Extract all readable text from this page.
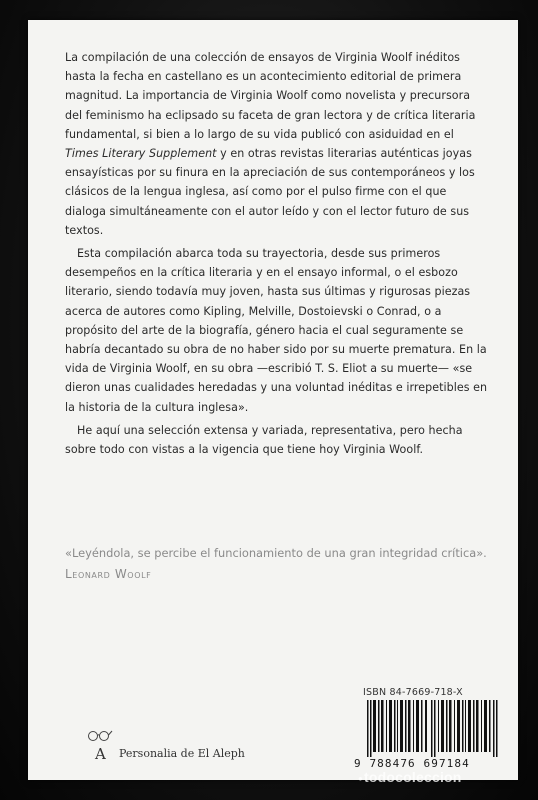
La compilación de una colección de ensayos de Virginia Woolf inéditos hasta la fecha en castellano es un acontecimiento editorial de primera magnitud. La importancia de Virginia Woolf como novelista y precursora del feminismo ha eclipsado su faceta de gran lectora y de crítica literaria fundamental, si bien a lo largo de su vida publicó con asiduidad en el Times Literary Supplement y en otras revistas literarias auténticas joyas ensayísticas por su finura en la apreciación de sus contemporáneos y los clásicos de la lengua inglesa, así como por el pulso firme con el que dialoga simultáneamente con el autor leído y con el lector futuro de sus textos.

Esta compilación abarca toda su trayectoria, desde sus primeros desempeños en la crítica literaria y en el ensayo informal, o el esbozo literario, siendo todavía muy joven, hasta sus últimas y rigurosas piezas acerca de autores como Kipling, Melville, Dostoievski o Conrad, o a propósito del arte de la biografía, género hacia el cual seguramente se habría decantado su obra de no haber sido por su muerte prematura. En la vida de Virginia Woolf, en su obra —escribió T. S. Eliot a su muerte— «se dieron unas cualidades heredadas y una voluntad inéditas e irrepetibles en la historia de la cultura inglesa».

He aquí una selección extensa y variada, representativa, pero hecha sobre todo con vistas a la vigencia que tiene hoy Virginia Woolf.

«Leyéndola, se percibe el funcionamiento de una gran integridad crítica».
Leonard Woolf
ISBN 84-7669-718-X
9 788476 697184
A Personalia de El Aleph
●todocoleccion
